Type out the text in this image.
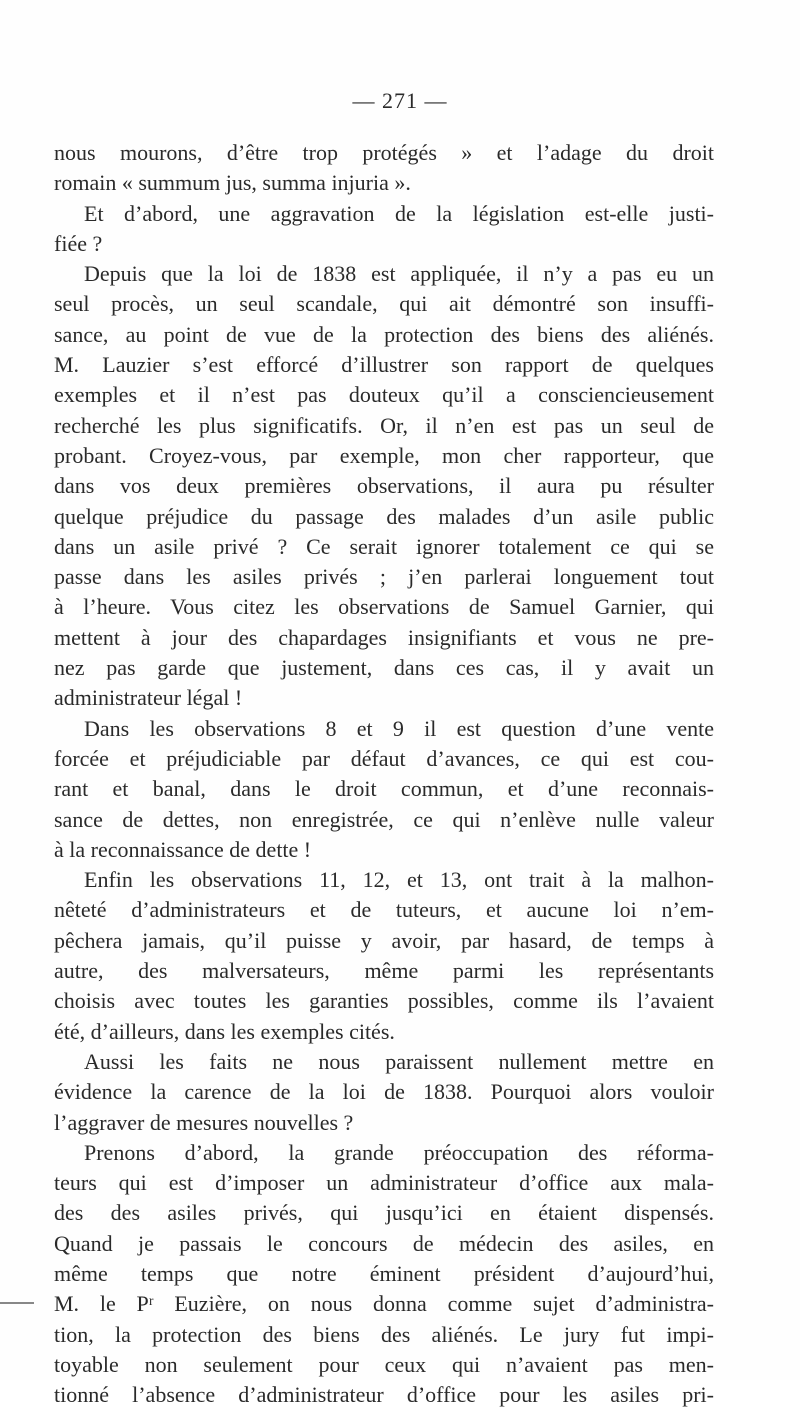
— 271 —
nous mourons, d’être trop protégés » et l’adage du droit
romain « summum jus, summa injuria ».
Et d’abord, une aggravation de la législation est-elle justi-
fiée ?
Depuis que la loi de 1838 est appliquée, il n’y a pas eu un
seul procès, un seul scandale, qui ait démontré son insuffi-
sance, au point de vue de la protection des biens des aliénés.
M. Lauzier s’est efforcé d’illustrer son rapport de quelques
exemples et il n’est pas douteux qu’il a consciencieusement
recherché les plus significatifs. Or, il n’en est pas un seul de
probant. Croyez-vous, par exemple, mon cher rapporteur, que
dans vos deux premières observations, il aura pu résulter
quelque préjudice du passage des malades d’un asile public
dans un asile privé ? Ce serait ignorer totalement ce qui se
passe dans les asiles privés ; j’en parlerai longuement tout
à l’heure. Vous citez les observations de Samuel Garnier, qui
mettent à jour des chapardages insignifiants et vous ne pre-
nez pas garde que justement, dans ces cas, il y avait un
administrateur légal !
Dans les observations 8 et 9 il est question d’une vente
forcée et préjudiciable par défaut d’avances, ce qui est cou-
rant et banal, dans le droit commun, et d’une reconnais-
sance de dettes, non enregistrée, ce qui n’enlève nulle valeur
à la reconnaissance de dette !
Enfin les observations 11, 12, et 13, ont trait à la malhon-
nêteté d’administrateurs et de tuteurs, et aucune loi n’em-
pêchera jamais, qu’il puisse y avoir, par hasard, de temps à
autre, des malversateurs, même parmi les représentants
choisis avec toutes les garanties possibles, comme ils l’avaient
été, d’ailleurs, dans les exemples cités.
Aussi les faits ne nous paraissent nullement mettre en
évidence la carence de la loi de 1838. Pourquoi alors vouloir
l’aggraver de mesures nouvelles ?
Prenons d’abord, la grande préoccupation des réforma-
teurs qui est d’imposer un administrateur d’office aux mala-
des des asiles privés, qui jusqu’ici en étaient dispensés.
Quand je passais le concours de médecin des asiles, en
même temps que notre éminent président d’aujourd’hui,
M. le Pʳ Euzière, on nous donna comme sujet d’administra-
tion, la protection des biens des aliénés. Le jury fut impi-
toyable non seulement pour ceux qui n’avaient pas men-
tionné l’absence d’administrateur d’office pour les asiles pri-
